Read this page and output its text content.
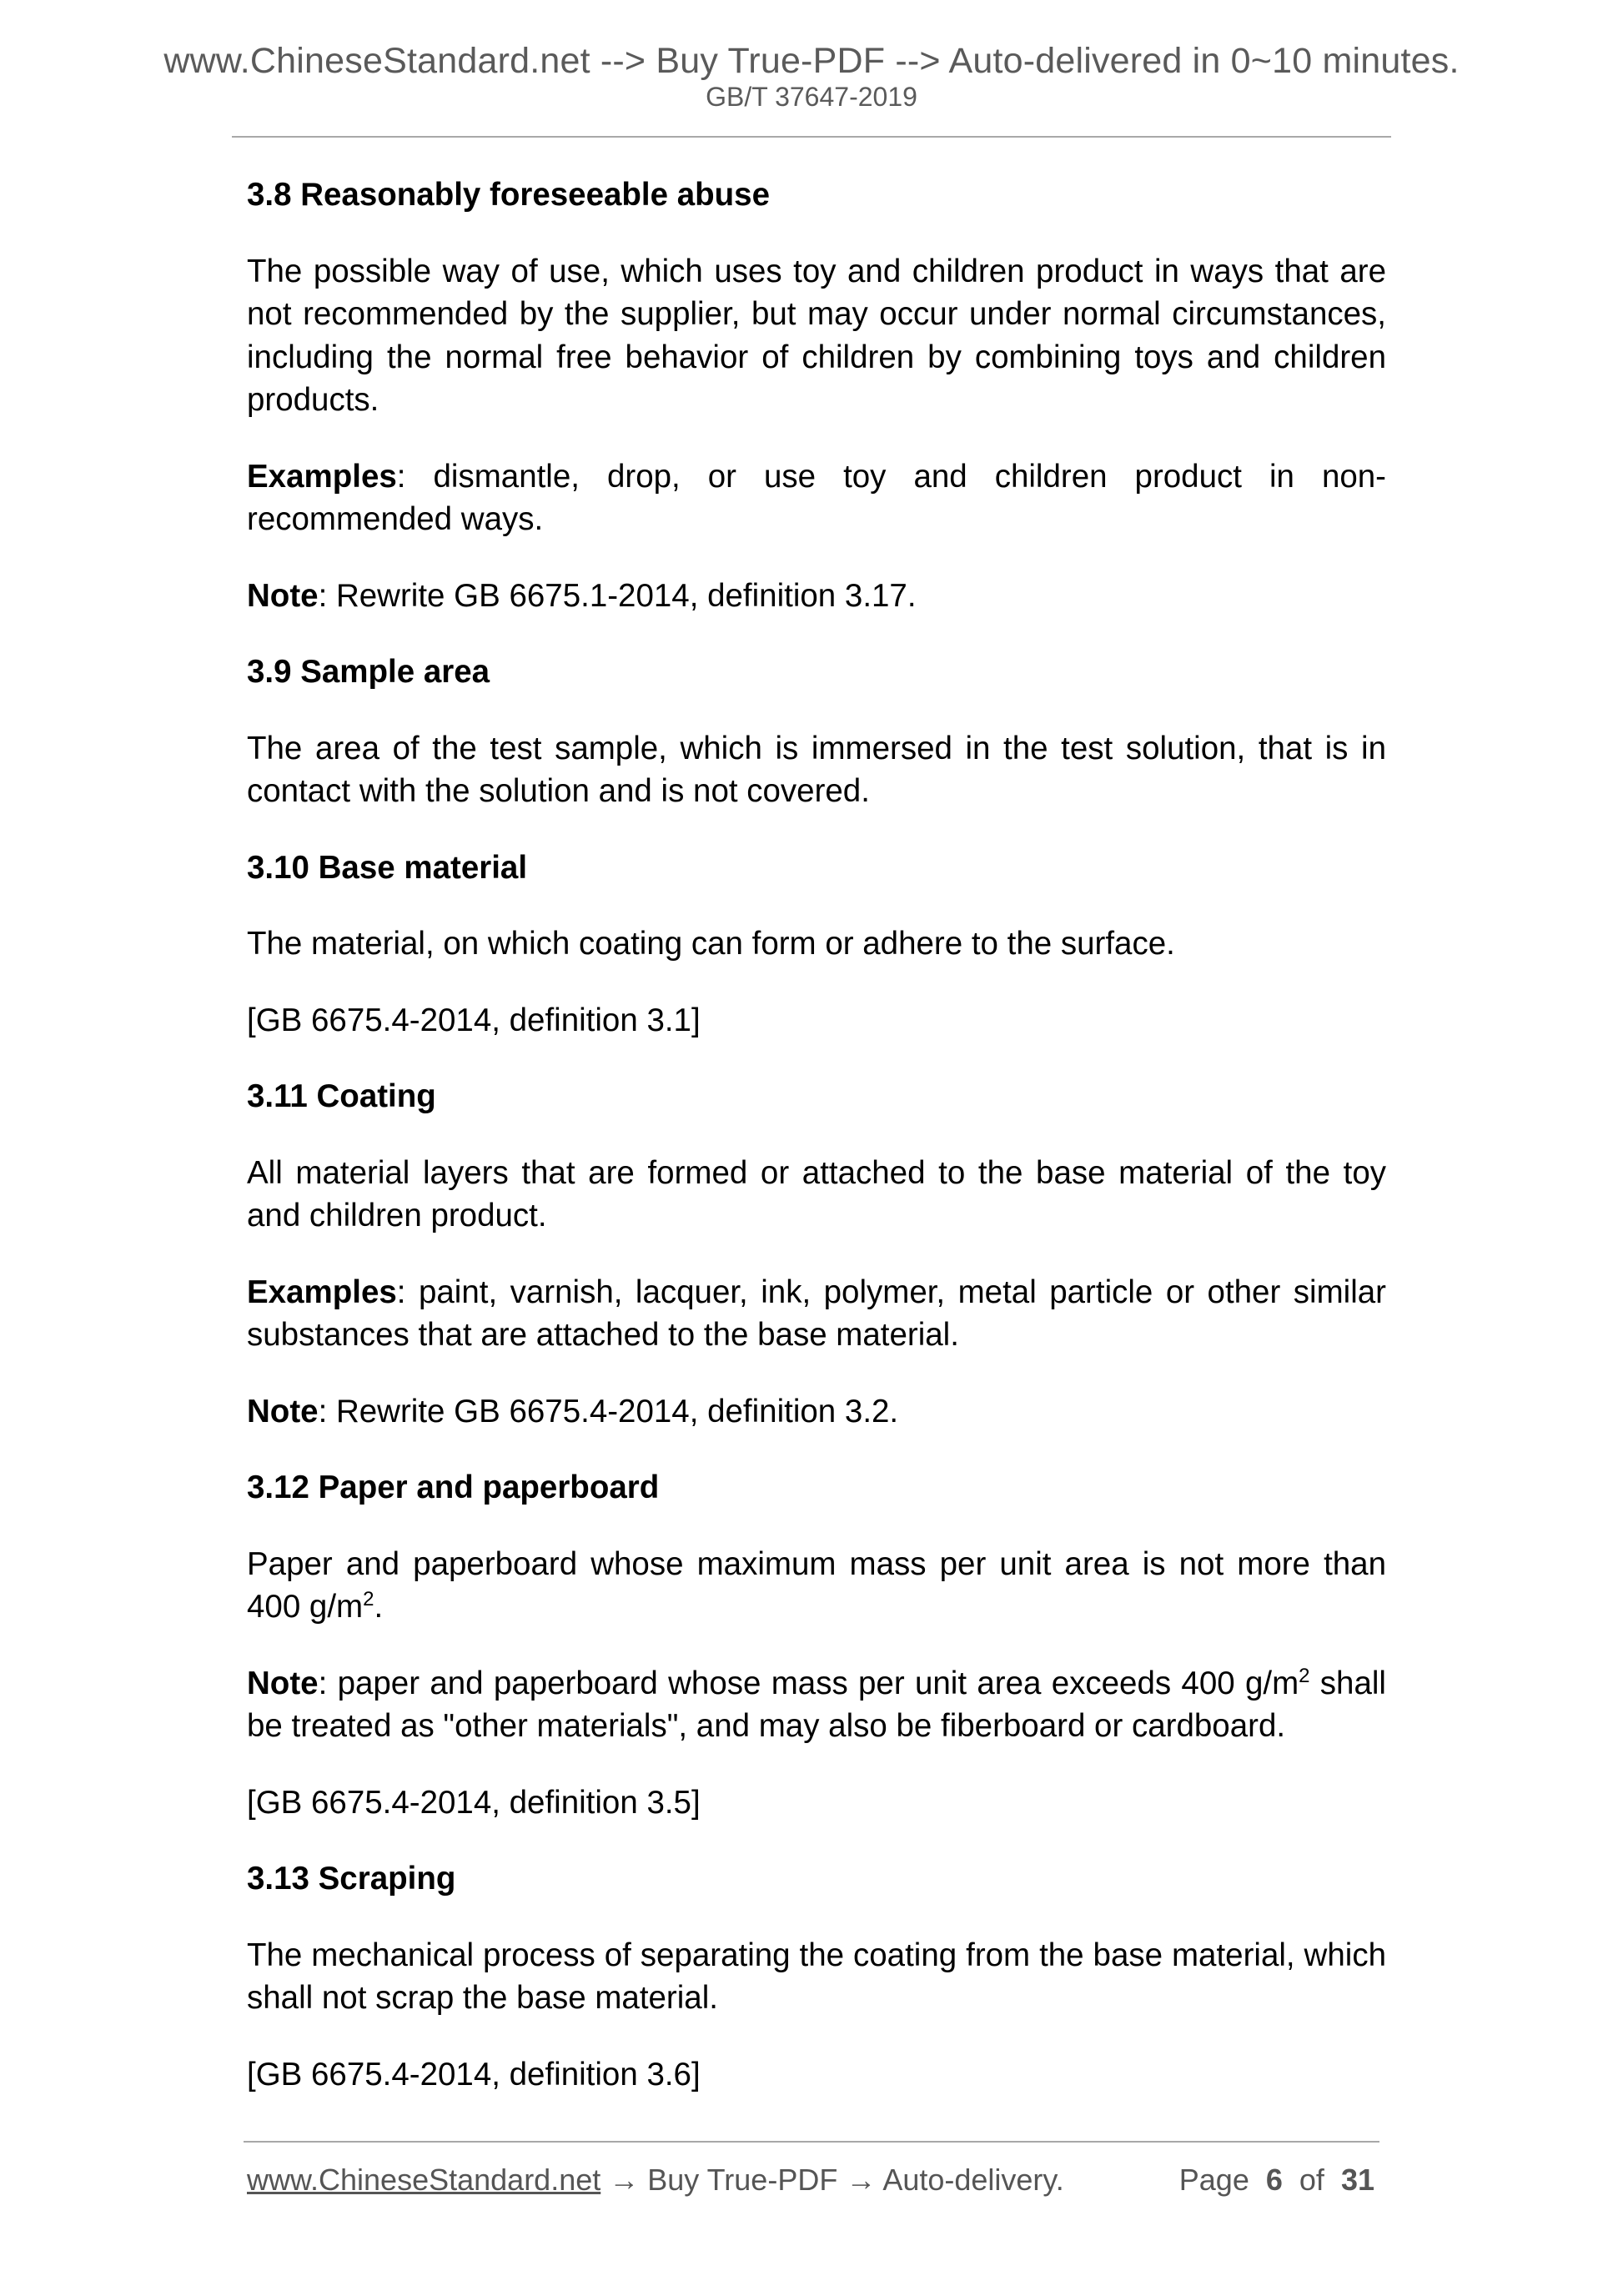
www.ChineseStandard.net --> Buy True-PDF --> Auto-delivered in 0~10 minutes.
GB/T 37647-2019

3.8 Reasonably foreseeable abuse

The possible way of use, which uses toy and children product in ways that are not recommended by the supplier, but may occur under normal circumstances, including the normal free behavior of children by combining toys and children products.

Examples: dismantle, drop, or use toy and children product in non-recommended ways.

Note: Rewrite GB 6675.1-2014, definition 3.17.

3.9 Sample area

The area of the test sample, which is immersed in the test solution, that is in contact with the solution and is not covered.

3.10 Base material

The material, on which coating can form or adhere to the surface.

[GB 6675.4-2014, definition 3.1]

3.11 Coating

All material layers that are formed or attached to the base material of the toy and children product.

Examples: paint, varnish, lacquer, ink, polymer, metal particle or other similar substances that are attached to the base material.

Note: Rewrite GB 6675.4-2014, definition 3.2.

3.12 Paper and paperboard

Paper and paperboard whose maximum mass per unit area is not more than 400 $g/m^2$.

Note: paper and paperboard whose mass per unit area exceeds 400 $g/m^2$ shall be treated as "other materials", and may also be fiberboard or cardboard.

[GB 6675.4-2014, definition 3.5]

3.13 Scraping

The mechanical process of separating the coating from the base material, which shall not scrap the base material.

[GB 6675.4-2014, definition 3.6]

www.ChineseStandard.net → Buy True-PDF → Auto-delivery.	Page 6 of 31
